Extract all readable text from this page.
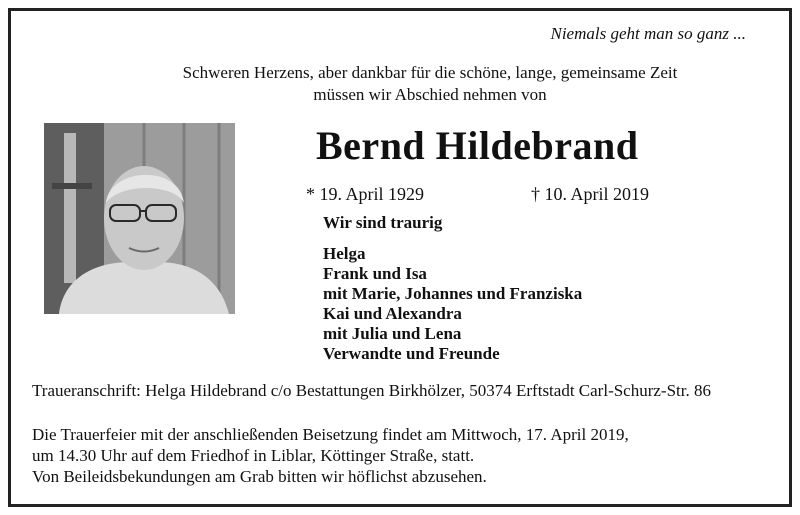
Niemals geht man so ganz ...
Schweren Herzens, aber dankbar für die schöne, lange, gemeinsame Zeit
müssen wir Abschied nehmen von
Bernd Hildebrand
* 19. April 1929	† 10. April 2019
Wir sind traurig
Helga
Frank und Isa
mit Marie, Johannes und Franziska
Kai und Alexandra
mit Julia und Lena
Verwandte und Freunde
Traueranschrift: Helga Hildebrand c/o Bestattungen Birkhölzer, 50374 Erftstadt Carl-Schurz-Str. 86
Die Trauerfeier mit der anschließenden Beisetzung findet am Mittwoch, 17. April 2019,
um 14.30 Uhr auf dem Friedhof in Liblar, Köttinger Straße, statt.
Von Beileidsbekundungen am Grab bitten wir höflichst abzusehen.
